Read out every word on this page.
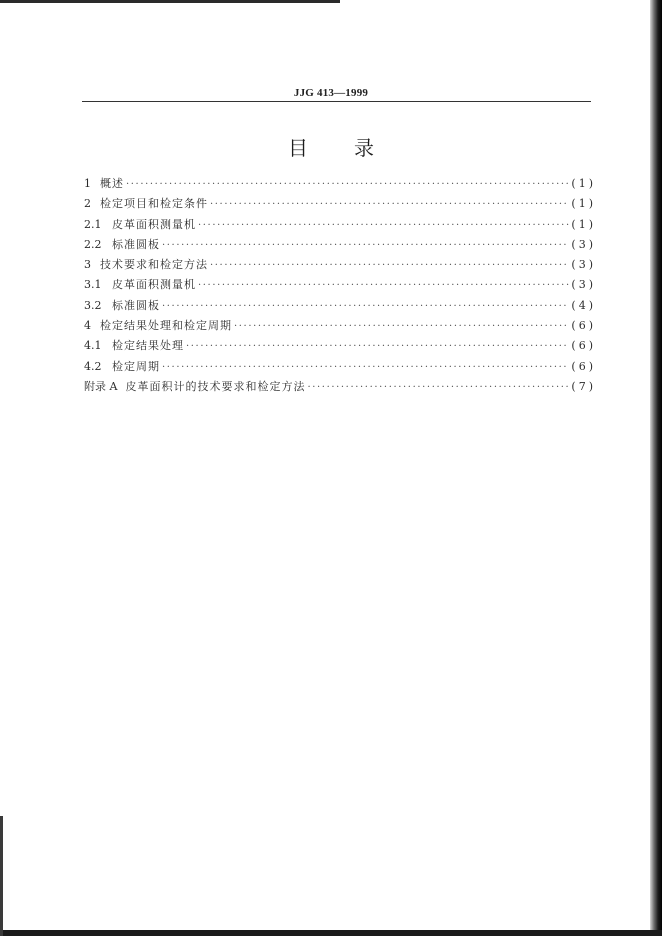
JJG 413—1999
目 录
1 概述 ·····	(1)
2 检定项目和检定条件 ·····	(1)
2.1 皮革面积测量机 ·····	(1)
2.2 标准圆板 ·····	(3)
3 技术要求和检定方法 ·····	(3)
3.1 皮革面积测量机 ·····	(3)
3.2 标准圆板 ·····	(4)
4 检定结果处理和检定周期 ·····	(6)
4.1 检定结果处理 ·····	(6)
4.2 检定周期 ·····	(6)
附录 A 皮革面积计的技术要求和检定方法 ·····	(7)
